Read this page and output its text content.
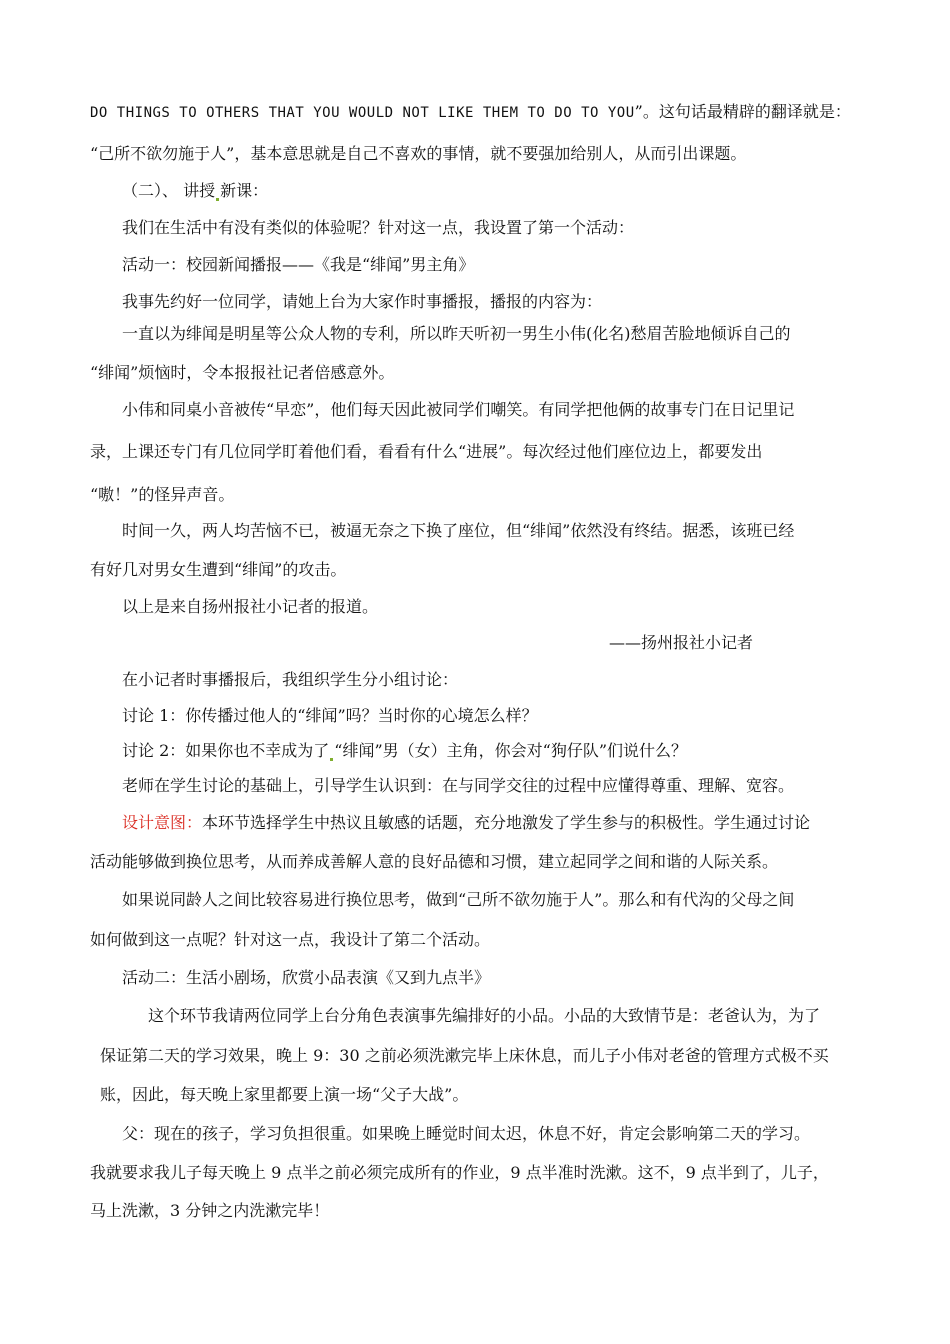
DO THINGS TO OTHERS THAT YOU WOULD NOT LIKE THEM TO DO TO YOU”。这句话最精辟的翻译就是：
“己所不欲勿施于人”，基本意思就是自己不喜欢的事情，就不要强加给别人，从而引出课题。
（二）、 讲授 新课：
我们在生活中有没有类似的体验呢？针对这一点，我设置了第一个活动：
活动一：校园新闻播报——《我是“绯闻”男主角》
我事先约好一位同学，请她上台为大家作时事播报，播报的内容为：
一直以为绯闻是明星等公众人物的专利，所以昨天听初一男生小伟(化名)愁眉苦脸地倾诉自己的
“绯闻”烦恼时，令本报报社记者倍感意外。
小伟和同桌小音被传“早恋”，他们每天因此被同学们嘲笑。有同学把他俩的故事专门在日记里记
录，上课还专门有几位同学盯着他们看，看看有什么“进展”。每次经过他们座位边上，都要发出
“嗷！”的怪异声音。
时间一久，两人均苦恼不已，被逼无奈之下换了座位，但“绯闻”依然没有终结。据悉，该班已经
有好几对男女生遭到“绯闻”的攻击。
以上是来自扬州报社小记者的报道。
——扬州报社小记者
在小记者时事播报后，我组织学生分小组讨论：
讨论 1：你传播过他人的“绯闻”吗？当时你的心境怎么样？
讨论 2：如果你也不幸成为了 “绯闻”男（女）主角，你会对“狗仔队”们说什么？
老师在学生讨论的基础上，引导学生认识到：在与同学交往的过程中应懂得尊重、理解、宽容。
设计意图：本环节选择学生中热议且敏感的话题，充分地激发了学生参与的积极性。学生通过讨论
活动能够做到换位思考，从而养成善解人意的良好品德和习惯，建立起同学之间和谐的人际关系。
如果说同龄人之间比较容易进行换位思考，做到“己所不欲勿施于人”。那么和有代沟的父母之间
如何做到这一点呢？针对这一点，我设计了第二个活动。
活动二：生活小剧场，欣赏小品表演《又到九点半》
这个环节我请两位同学上台分角色表演事先编排好的小品。小品的大致情节是：老爸认为，为了
保证第二天的学习效果，晚上 9：30 之前必须洗漱完毕上床休息，而儿子小伟对老爸的管理方式极不买
账，因此，每天晚上家里都要上演一场“父子大战”。
父：现在的孩子，学习负担很重。如果晚上睡觉时间太迟，休息不好，肯定会影响第二天的学习。
我就要求我儿子每天晚上 9 点半之前必须完成所有的作业，9 点半准时洗漱。这不，9 点半到了，儿子，
马上洗漱，3 分钟之内洗漱完毕！
